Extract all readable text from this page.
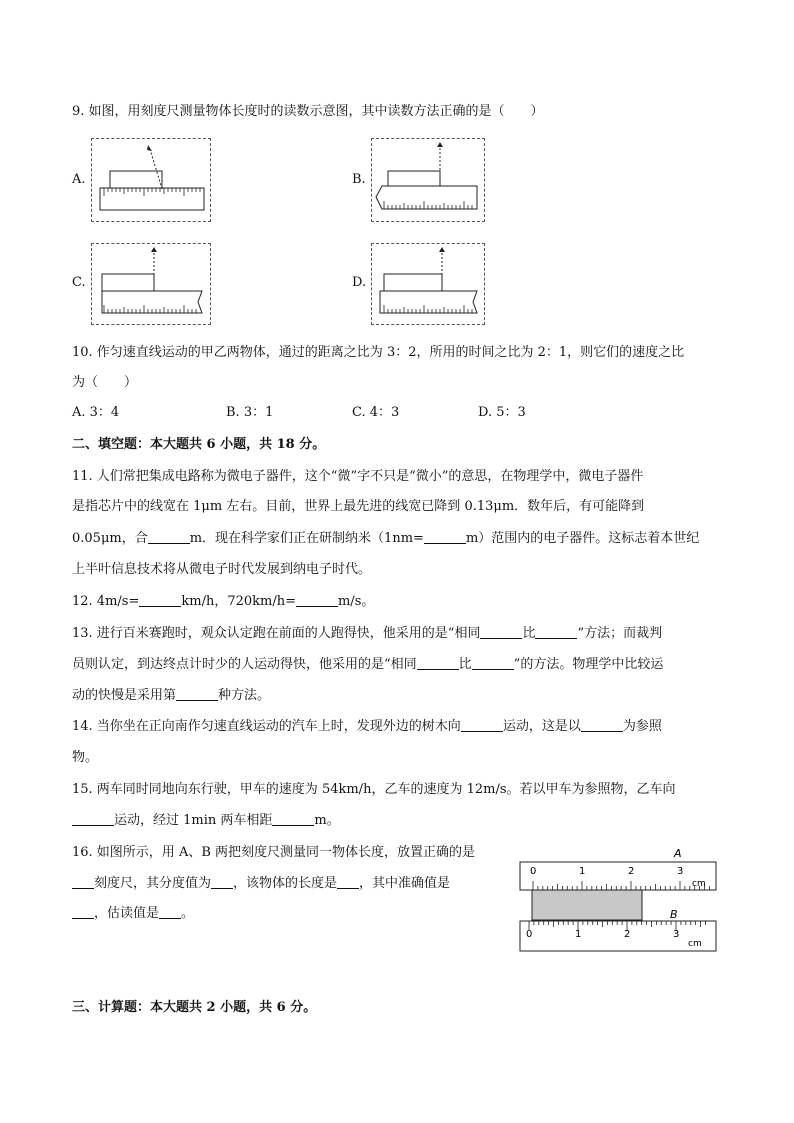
9. 如图，用刻度尺测量物体长度时的读数示意图，其中读数方法正确的是（　　）
A.	B.
C.	D.
10. 作匀速直线运动的甲乙两物体，通过的距离之比为 3：2，所用的时间之比为 2：1，则它们的速度之比
为（　　）
A. 3：4	B. 3：1	C. 4：3	D. 5：3
二、填空题：本大题共 6 小题，共 18 分。
11. 人们常把集成电路称为微电子器件，这个“微”字不只是“微小”的意思，在物理学中，微电子器件
是指芯片中的线宽在 1μm 左右。目前，世界上最先进的线宽已降到 0.13μm．数年后，有可能降到
0.05μm，合	m．现在科学家们正在研制纳米（1nm=	m）范围内的电子器件。这标志着本世纪
上半叶信息技术将从微电子时代发展到纳电子时代。
12. 4m/s=	km/h，720km/h=	m/s。
13. 进行百米赛跑时，观众认定跑在前面的人跑得快，他采用的是“相同	比	”方法；而裁判
员则认定，到达终点计时少的人运动得快，他采用的是“相同	比	”的方法。物理学中比较运
动的快慢是采用第	种方法。
14. 当你坐在正向南作匀速直线运动的汽车上时，发现外边的树木向	运动，这是以	为参照
物。
15. 两车同时同地向东行驶，甲车的速度为 54km/h，乙车的速度为 12m/s。若以甲车为参照物，乙车向
运动，经过 1min 两车相距	m。
16. 如图所示，用 A、B 两把刻度尺测量同一物体长度，放置正确的是
刻度尺，其分度值为 ，该物体的长度是 ，其中准确值是
，估读值是 。
A
0	1	2	3
cm
B
0	1	2	3
cm
三、计算题：本大题共 2 小题，共 6 分。
